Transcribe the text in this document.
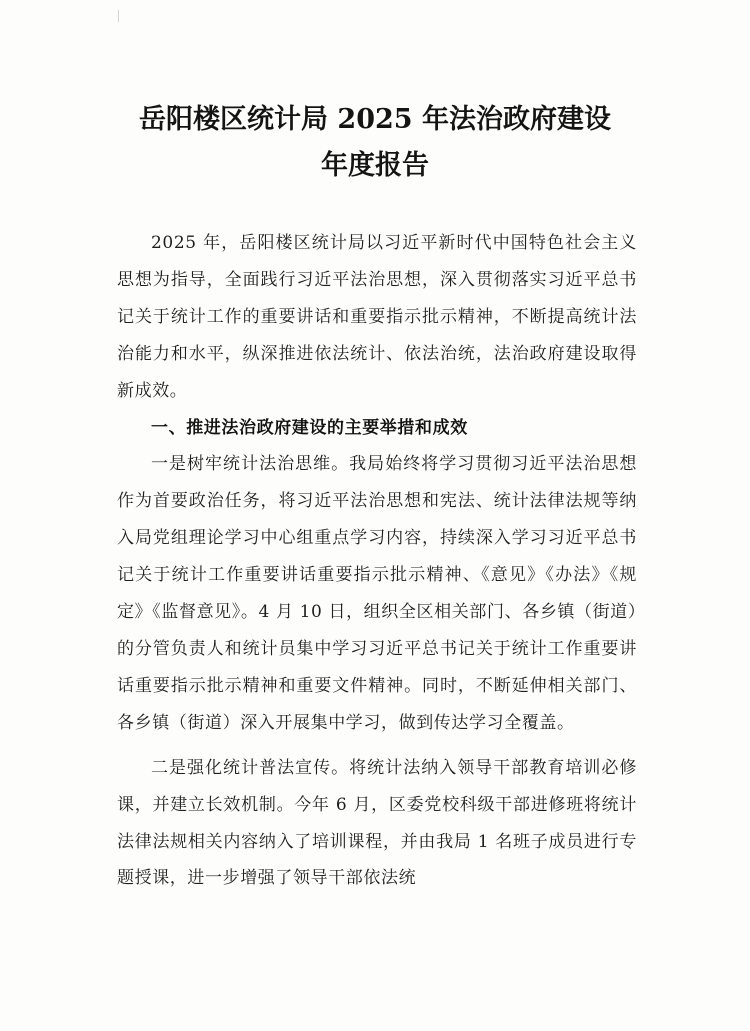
岳阳楼区统计局 2025 年法治政府建设
年度报告

2025 年，岳阳楼区统计局以习近平新时代中国特色社会主义思想为指导，全面践行习近平法治思想，深入贯彻落实习近平总书记关于统计工作的重要讲话和重要指示批示精神，不断提高统计法治能力和水平，纵深推进依法统计、依法治统，法治政府建设取得新成效。

一、推进法治政府建设的主要举措和成效

一是树牢统计法治思维。我局始终将学习贯彻习近平法治思想作为首要政治任务，将习近平法治思想和宪法、统计法律法规等纳入局党组理论学习中心组重点学习内容，持续深入学习习近平总书记关于统计工作重要讲话重要指示批示精神、《意见》《办法》《规定》《监督意见》。4 月 10 日，组织全区相关部门、各乡镇（街道）的分管负责人和统计员集中学习习近平总书记关于统计工作重要讲话重要指示批示精神和重要文件精神。同时，不断延伸相关部门、各乡镇（街道）深入开展集中学习，做到传达学习全覆盖。

二是强化统计普法宣传。将统计法纳入领导干部教育培训必修课，并建立长效机制。今年 6 月，区委党校科级干部进修班将统计法律法规相关内容纳入了培训课程，并由我局 1 名班子成员进行专题授课，进一步增强了领导干部依法统
